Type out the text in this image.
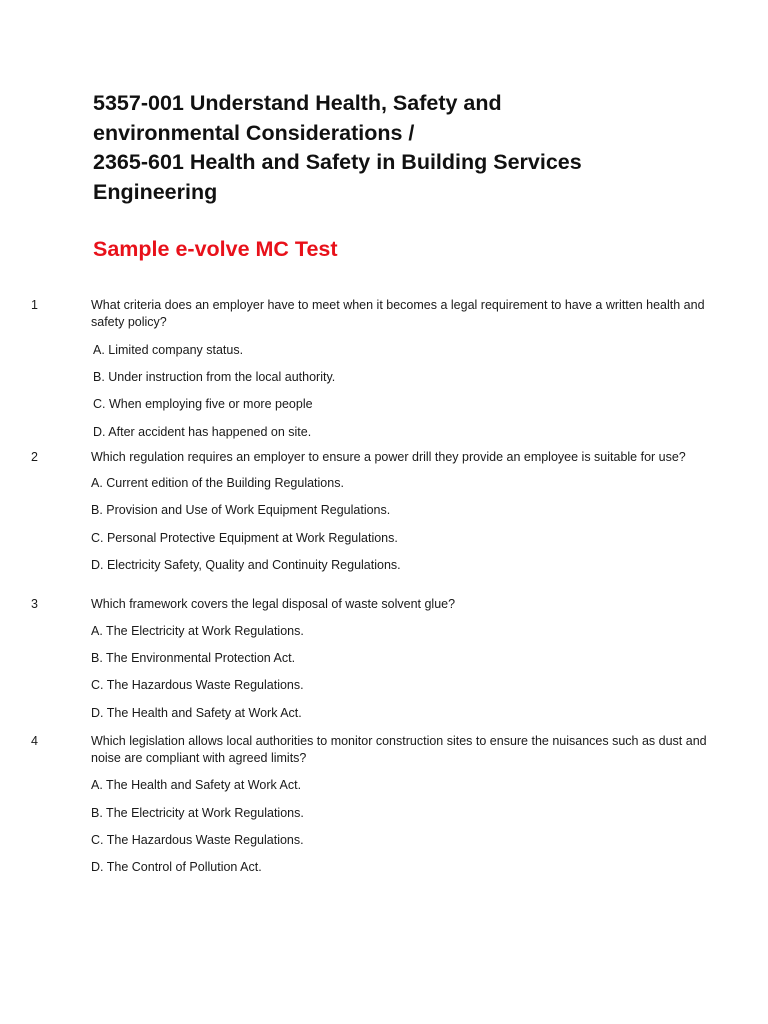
5357-001 Understand Health, Safety and
environmental Considerations /
2365-601 Health and Safety in Building Services
Engineering
Sample e-volve MC Test
1	What criteria does an employer have to meet when it becomes a legal requirement to have a written health and safety policy?
A. Limited company status.
B. Under instruction from the local authority.
C. When employing five or more people
D. After accident has happened on site.
2	Which regulation requires an employer to ensure a power drill they provide an employee is suitable for use?
A. Current edition of the Building Regulations.
B. Provision and Use of Work Equipment Regulations.
C. Personal Protective Equipment at Work Regulations.
D. Electricity Safety, Quality and Continuity Regulations.
3	Which framework covers the legal disposal of waste solvent glue?
A. The Electricity at Work Regulations.
B. The Environmental Protection Act.
C. The Hazardous Waste Regulations.
D. The Health and Safety at Work Act.
4	Which legislation allows local authorities to monitor construction sites to ensure the nuisances such as dust and noise are compliant with agreed limits?
A. The Health and Safety at Work Act.
B. The Electricity at Work Regulations.
C. The Hazardous Waste Regulations.
D. The Control of Pollution Act.
